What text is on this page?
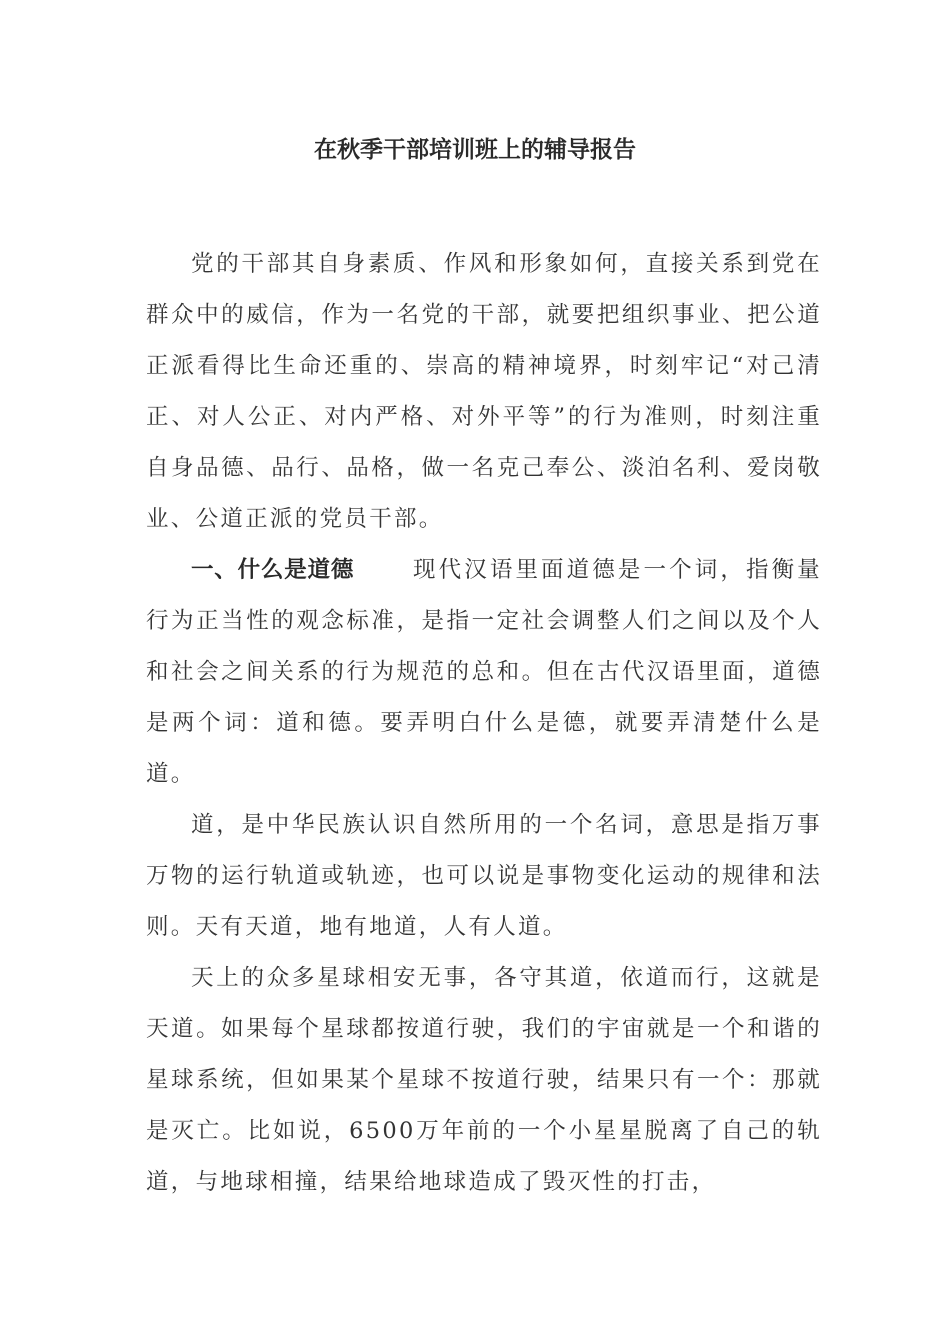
在秋季干部培训班上的辅导报告

党的干部其自身素质、作风和形象如何，直接关系到党在群众中的威信，作为一名党的干部，就要把组织事业、把公道正派看得比生命还重的、崇高的精神境界，时刻牢记“对己清正、对人公正、对内严格、对外平等”的行为准则，时刻注重自身品德、品行、品格，做一名克己奉公、淡泊名利、爱岗敬业、公道正派的党员干部。

一、什么是道德	现代汉语里面道德是一个词，指衡量行为正当性的观念标准，是指一定社会调整人们之间以及个人和社会之间关系的行为规范的总和。但在古代汉语里面，道德是两个词：道和德。要弄明白什么是德，就要弄清楚什么是道。

道，是中华民族认识自然所用的一个名词，意思是指万事万物的运行轨道或轨迹，也可以说是事物变化运动的规律和法则。天有天道，地有地道，人有人道。

天上的众多星球相安无事，各守其道，依道而行，这就是天道。如果每个星球都按道行驶，我们的宇宙就是一个和谐的星球系统，但如果某个星球不按道行驶，结果只有一个：那就是灭亡。比如说，6500万年前的一个小星星脱离了自己的轨道，与地球相撞，结果给地球造成了毁灭性的打击，
